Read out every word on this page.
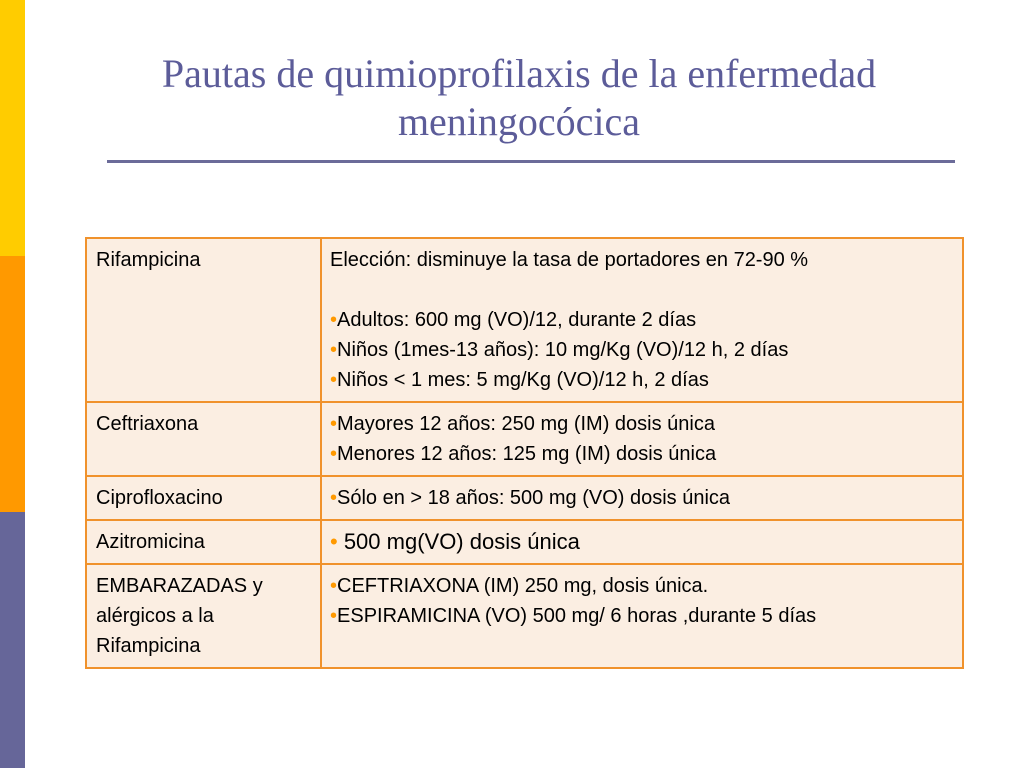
Pautas de quimioprofilaxis de la enfermedad
meningocócica
Rifampicina	Elección: disminuye la tasa de portadores en 72-90 %
•Adultos: 600 mg (VO)/12, durante 2 días
•Niños (1mes-13 años): 10 mg/Kg (VO)/12 h, 2 días
•Niños < 1 mes: 5 mg/Kg (VO)/12 h, 2 días

Ceftriaxona	•Mayores 12 años: 250 mg (IM) dosis única
•Menores 12 años: 125 mg (IM) dosis única

Ciprofloxacino	•Sólo en > 18 años: 500 mg (VO) dosis única

Azitromicina	• 500 mg(VO) dosis única

EMBARAZADAS y
alérgicos a la
Rifampicina	•CEFTRIAXONA (IM) 250 mg, dosis única.
•ESPIRAMICINA (VO) 500 mg/ 6 horas ,durante 5 días
